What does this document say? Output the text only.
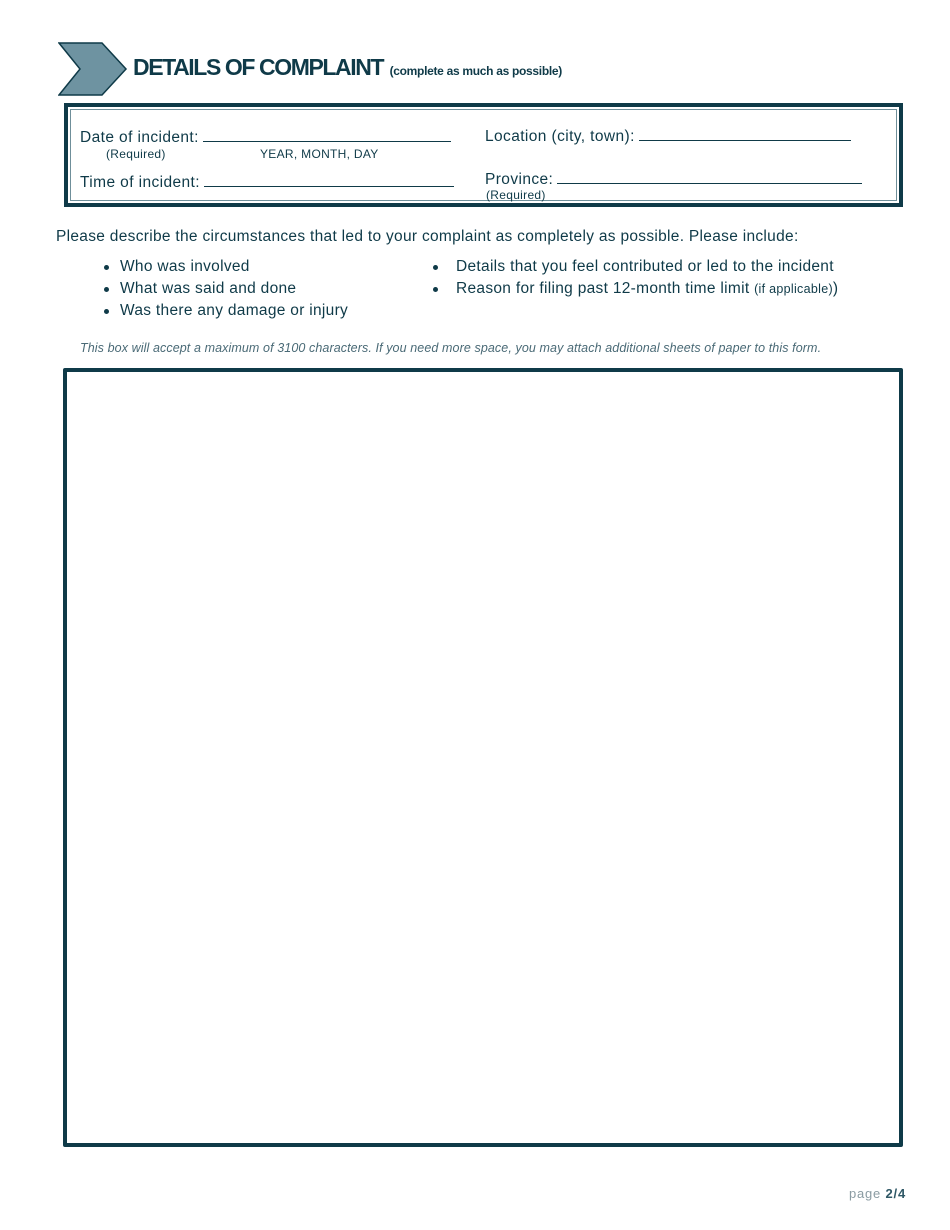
DETAILS OF COMPLAINT (complete as much as possible)
Date of incident:
(Required)	YEAR, MONTH, DAY
Time of incident:
Location (city, town):
Province:
(Required)
Please describe the circumstances that led to your complaint as completely as possible. Please include:
Who was involved
What was said and done
Was there any damage or injury
Details that you feel contributed or led to the incident
Reason for filing past 12-month time limit (if applicable))
This box will accept a maximum of 3100 characters. If you need more space, you may attach additional sheets of paper to this form.
page 2/4
